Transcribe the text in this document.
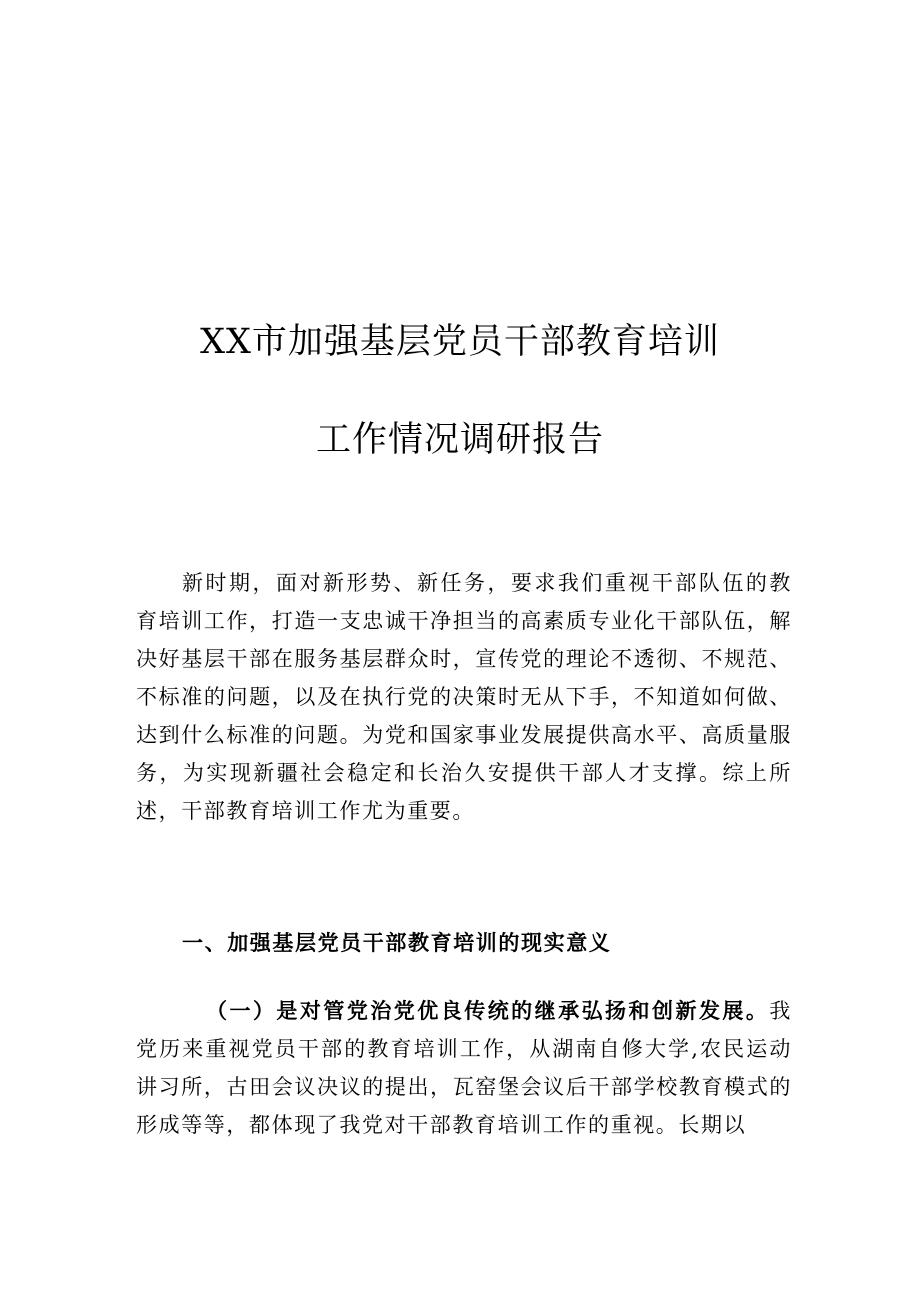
XX市加强基层党员干部教育培训
工作情况调研报告

新时期，面对新形势、新任务，要求我们重视干部队伍的教育培训工作，打造一支忠诚干净担当的高素质专业化干部队伍，解决好基层干部在服务基层群众时，宣传党的理论不透彻、不规范、不标准的问题，以及在执行党的决策时无从下手，不知道如何做、达到什么标准的问题。为党和国家事业发展提供高水平、高质量服务，为实现新疆社会稳定和长治久安提供干部人才支撑。综上所述，干部教育培训工作尤为重要。

一、加强基层党员干部教育培训的现实意义

（一）是对管党治党优良传统的继承弘扬和创新发展。我党历来重视党员干部的教育培训工作，从湖南自修大学,农民运动讲习所，古田会议决议的提出，瓦窑堡会议后干部学校教育模式的形成等等，都体现了我党对干部教育培训工作的重视。长期以
